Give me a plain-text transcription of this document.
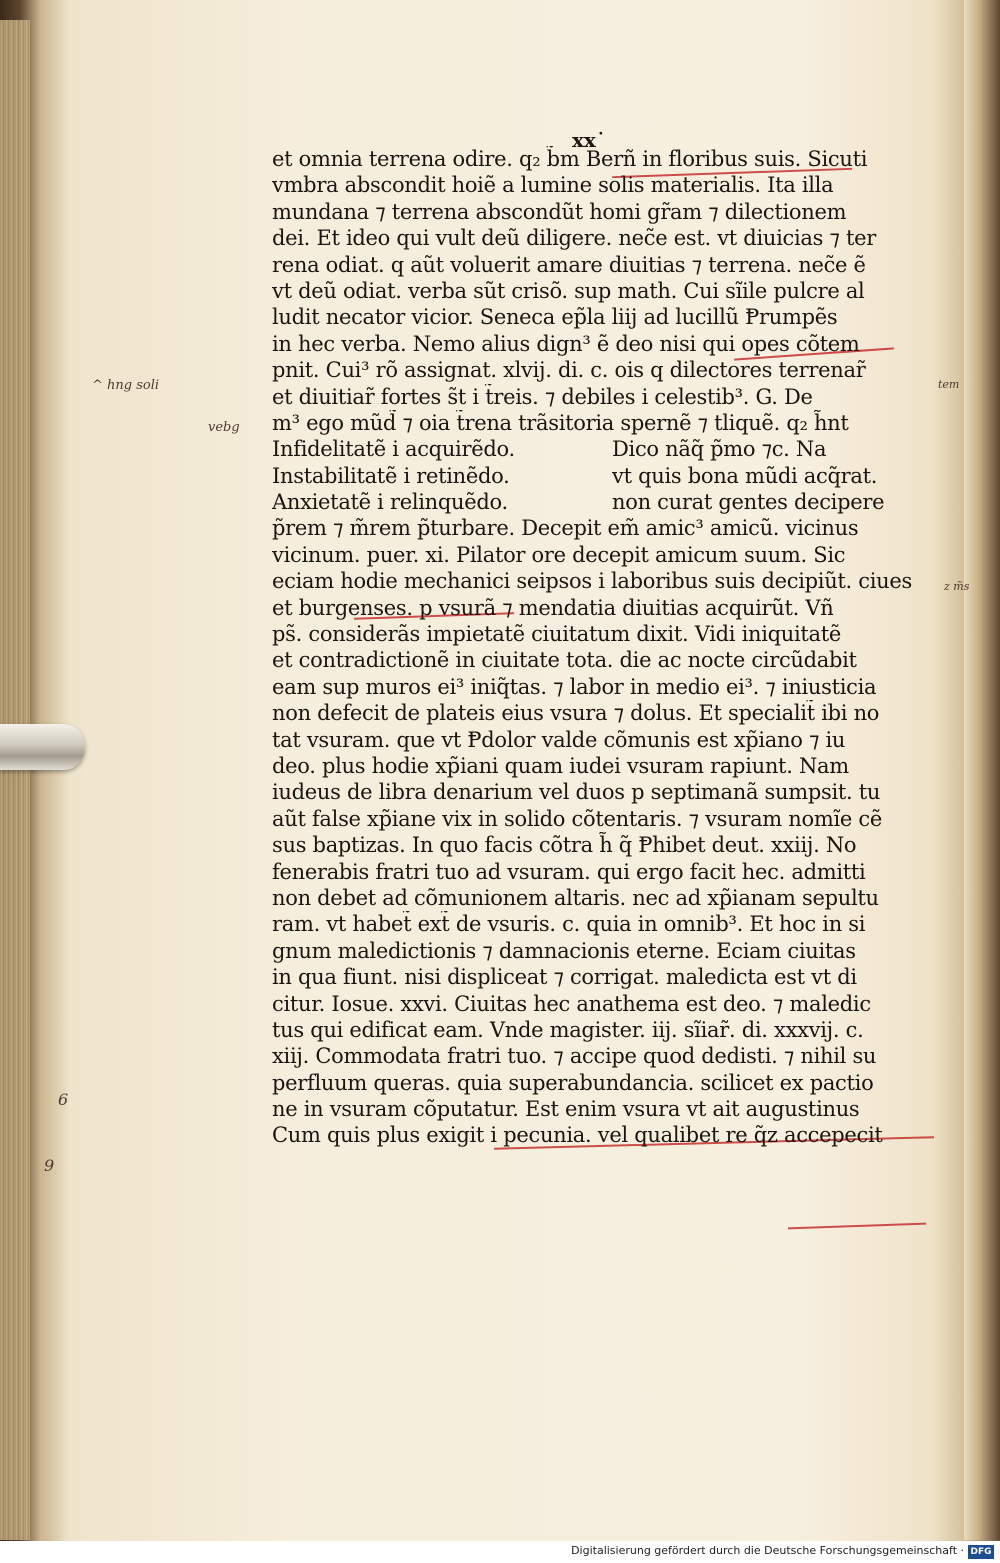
xx˙
et omnia terrena odire. q₂ b̃m Berñ in floribus suis. Sicuti
vmbra abscondit hoiẽ a lumine solis materialis. Ita illa
mundana ⁊ terrena abscondũt homi gr̃am ⁊ dilectionem
dei. Et ideo qui vult deũ diligere. nec̃e est. vt diuicias ⁊ ter
rena odiat. q aũt voluerit amare diuitias ⁊ terrena. nec̃e ẽ
vt deũ odiat. verba sũt crisõ. sup math. Cui sĩile pulcre al
ludit necator vicior. Seneca ep̃la liij ad lucillũ Ᵽrumpẽs
in hec verba. Nemo alius dign³ ẽ deo nisi qui opes cõtem
pnit. Cui³ rõ assignat. xlvij. di. c. ois q dilectores terrenar̃
et diuitiar̃ fortes s̃t i t̃reis. ⁊ debiles i celestib³. G. De
m³ ego mũd̃ ⁊ oia t̃rena trãsitoria spernẽ ⁊ tliquẽ. q₂ h̃nt
Infidelitatẽ i acquirẽdo.	Dico nãq̃ p̃mo ⁊c. Na
Instabilitatẽ i retinẽdo.	vt quis bona mũdi acq̃rat.
Anxietatẽ i relinquẽdo.	non curat gentes decipere
p̃rem ⁊ m̃rem p̃turbare. Decepit em̃ amic³ amicũ. vicinus
vicinum. puer. xi. Pilator ore decepit amicum suum. Sic
eciam hodie mechanici seipsos i laboribus suis decipiũt. ciues
et burgenses. p vsurã ⁊ mendatia diuitias acquirũt. Vñ
ps̃. considerãs impietatẽ ciuitatum dixit. Vidi iniquitatẽ
et contradictionẽ in ciuitate tota. die ac nocte circũdabit
eam sup muros ei³ iniq̃tas. ⁊ labor in medio ei³. ⁊ iniusticia
non defecit de plateis eius vsura ⁊ dolus. Et specialit̃ ibi no
tat vsuram. que vt Ᵽdolor valde cõmunis est xp̃iano ⁊ iu
deo. plus hodie xp̃iani quam iudei vsuram rapiunt. Nam
iudeus de libra denarium vel duos p septimanã sumpsit. tu
aũt false xp̃iane vix in solido cõtentaris. ⁊ vsuram nomĩe cẽ
sus baptizas. In quo facis cõtra h̃ q̃ Ᵽhibet deut. xxiij. No
fenerabis fratri tuo ad vsuram. qui ergo facit hec. admitti
non debet ad cõmunionem altaris. nec ad xp̃ianam sepultu
ram. vt habet̃ ext̃ de vsuris. c. quia in omnib³. Et hoc in si
gnum maledictionis ⁊ damnacionis eterne. Eciam ciuitas
in qua fiunt. nisi displiceat ⁊ corrigat. maledicta est vt di
citur. Iosue. xxvi. Ciuitas hec anathema est deo. ⁊ maledic
tus qui edificat eam. Vnde magister. iij. sĩiar̃. di. xxxvij. c.
xiij. Commodata fratri tuo. ⁊ accipe quod dedisti. ⁊ nihil su
perfluum queras. quia superabundancia. scilicet ex pactio
ne in vsuram cõputatur. Est enim vsura vt ait augustinus
Cum quis plus exigit i pecunia. vel qualibet re q̃z accepecit
^ hng soli
vebg
6
9
tem
z m̃s
Digitalisierung gefördert durch die Deutsche Forschungsgemeinschaft · DFG
